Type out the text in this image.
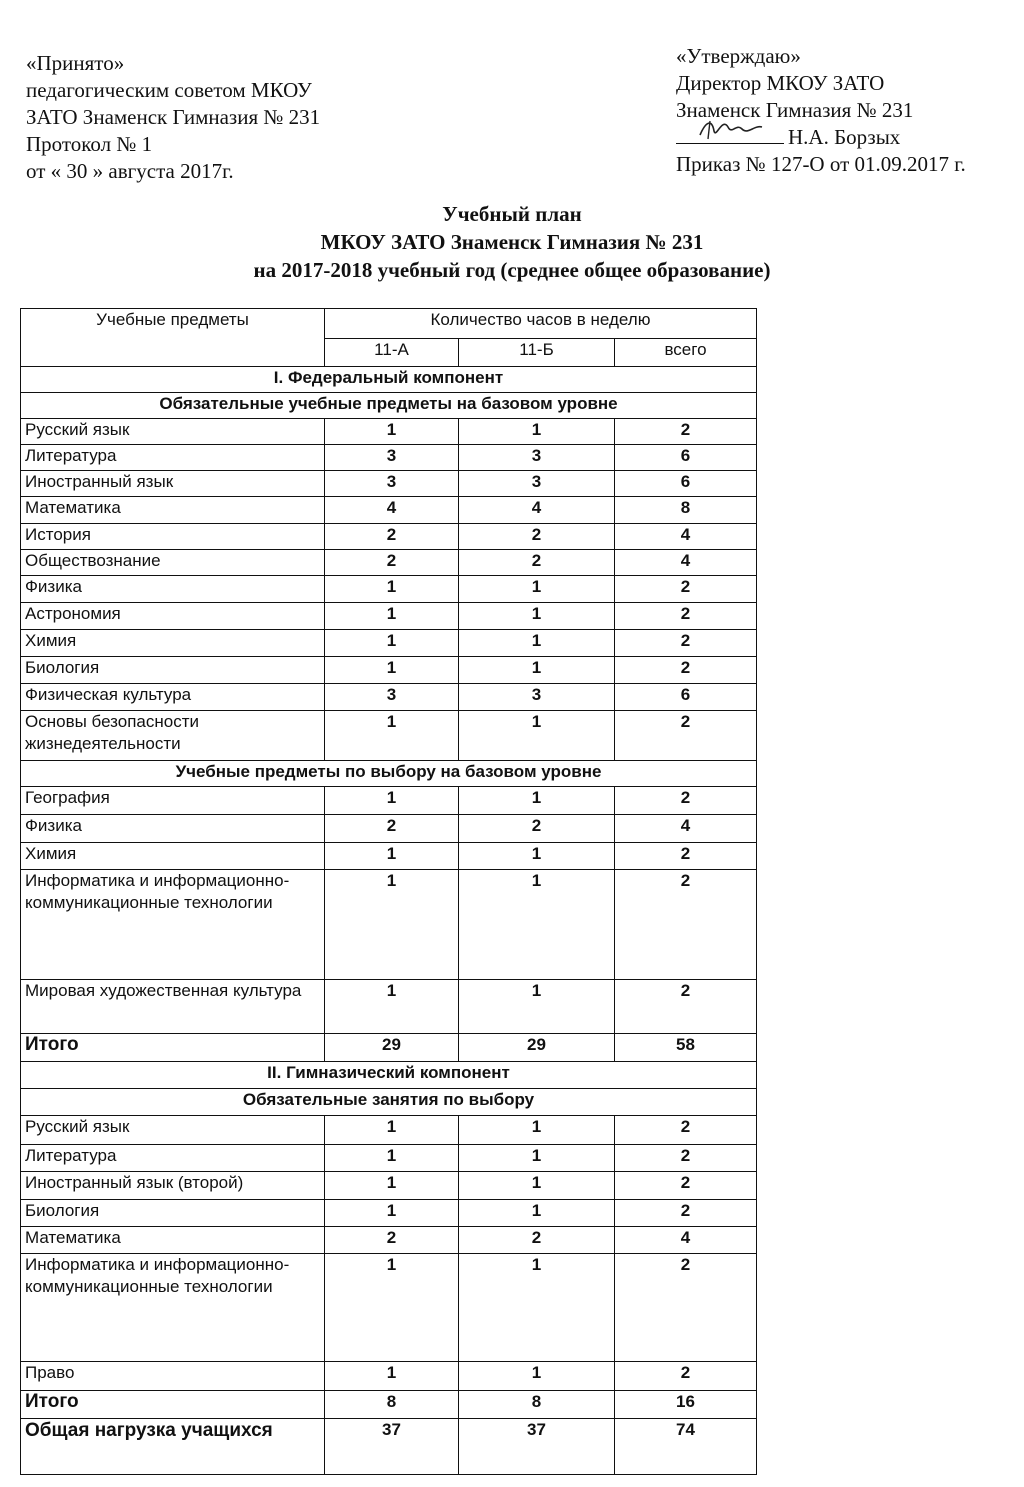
«Принято»
педагогическим советом МКОУ
ЗАТО Знаменск Гимназия № 231
Протокол № 1
от « 30 » августа 2017г.
«Утверждаю»
Директор МКОУ ЗАТО
Знаменск Гимназия № 231
Н.А. Борзых
Приказ № 127-О от 01.09.2017 г.
Учебный план
МКОУ ЗАТО Знаменск Гимназия № 231
на 2017-2018 учебный год (среднее общее образование)
Учебные предметы	Количество часов в неделю		
	11-А	11-Б	всего
I. Федеральный компонент			
Обязательные учебные предметы на базовом уровне			
Русский язык	1	1	2
Литература	3	3	6
Иностранный язык	3	3	6
Математика	4	4	8
История	2	2	4
Обществознание	2	2	4
Физика	1	1	2
Астрономия	1	1	2
Химия	1	1	2
Биология	1	1	2
Физическая культура	3	3	6
Основы безопасности жизнедеятельности	1	1	2
Учебные предметы по выбору на базовом уровне			
География	1	1	2
Физика	2	2	4
Химия	1	1	2
Информатика и информационно-коммуникационные технологии	1	1	2
Мировая художественная культура	1	1	2
Итого	29	29	58
II. Гимназический компонент			
Обязательные занятия по выбору			
Русский язык	1	1	2
Литература	1	1	2
Иностранный язык (второй)	1	1	2
Биология	1	1	2
Математика	2	2	4
Информатика и информационно-коммуникационные технологии	1	1	2
Право	1	1	2
Итого	8	8	16
Общая нагрузка учащихся	37	37	74
